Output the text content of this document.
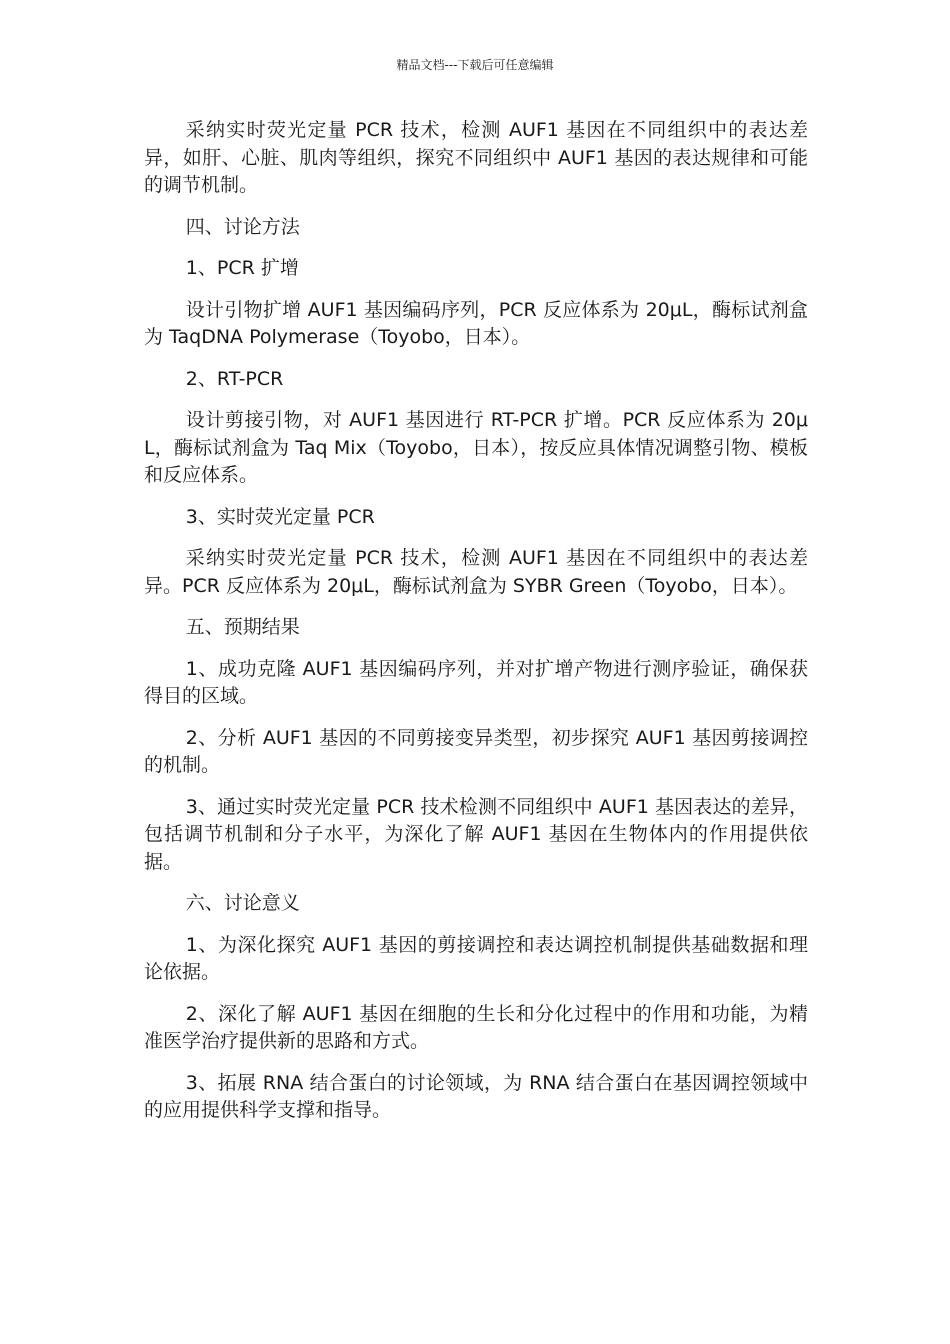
精品文档---下载后可任意编辑

采纳实时荧光定量 PCR 技术，检测 AUF1 基因在不同组织中的表达差异，如肝、心脏、肌肉等组织，探究不同组织中 AUF1 基因的表达规律和可能的调节机制。

四、讨论方法

1、PCR 扩增

设计引物扩增 AUF1 基因编码序列，PCR 反应体系为 20μL，酶标试剂盒为 TaqDNA Polymerase（Toyobo，日本）。

2、RT-PCR

设计剪接引物，对 AUF1 基因进行 RT-PCR 扩增。PCR 反应体系为 20μL，酶标试剂盒为 Taq Mix（Toyobo，日本），按反应具体情况调整引物、模板和反应体系。

3、实时荧光定量 PCR

采纳实时荧光定量 PCR 技术，检测 AUF1 基因在不同组织中的表达差异。PCR 反应体系为 20μL，酶标试剂盒为 SYBR Green（Toyobo，日本）。

五、预期结果

1、成功克隆 AUF1 基因编码序列，并对扩增产物进行测序验证，确保获得目的区域。

2、分析 AUF1 基因的不同剪接变异类型，初步探究 AUF1 基因剪接调控的机制。

3、通过实时荧光定量 PCR 技术检测不同组织中 AUF1 基因表达的差异，包括调节机制和分子水平，为深化了解 AUF1 基因在生物体内的作用提供依据。

六、讨论意义

1、为深化探究 AUF1 基因的剪接调控和表达调控机制提供基础数据和理论依据。

2、深化了解 AUF1 基因在细胞的生长和分化过程中的作用和功能，为精准医学治疗提供新的思路和方式。

3、拓展 RNA 结合蛋白的讨论领域，为 RNA 结合蛋白在基因调控领域中的应用提供科学支撑和指导。
